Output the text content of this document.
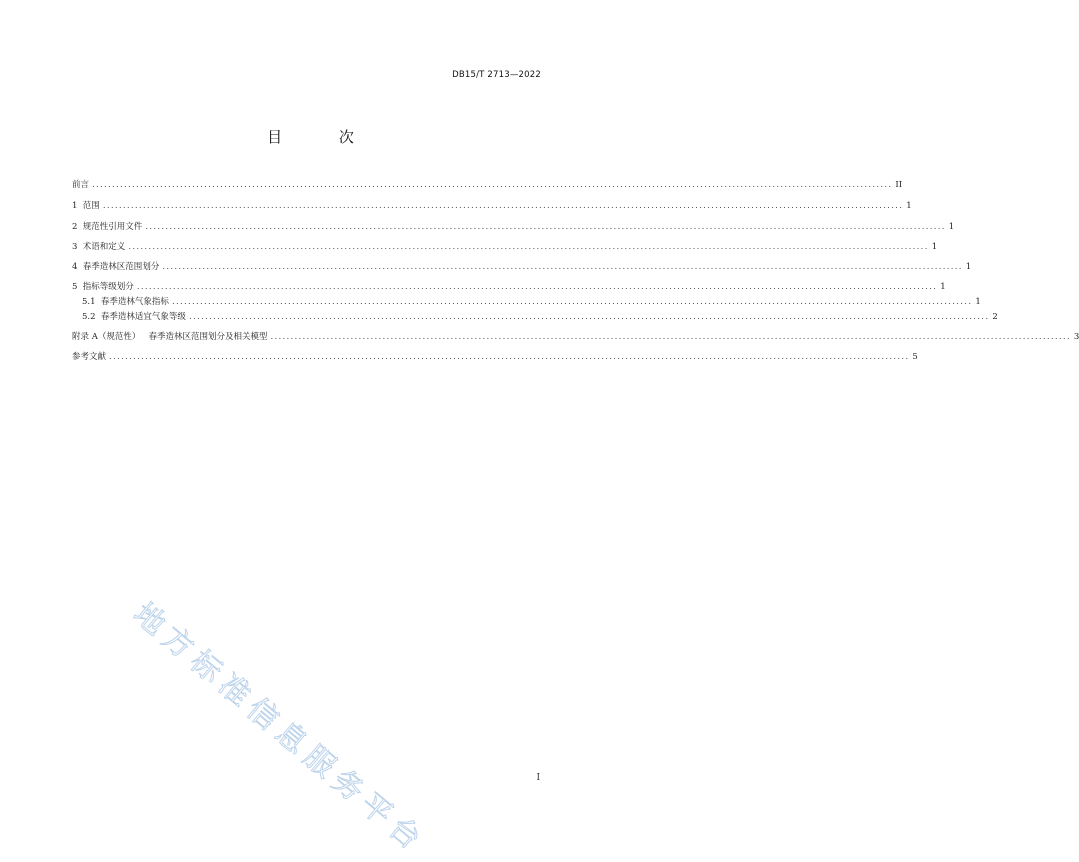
DB15/T 2713—2022
目 次
前言 ........................................................................................................................................................................................................ II
1  范围 ........................................................................................................................................................................................................ 1
2  规范性引用文件 ........................................................................................................................................................................................................ 1
3  术语和定义 ........................................................................................................................................................................................................ 1
4  春季造林区范围划分 ........................................................................................................................................................................................................ 1
5  指标等级划分 ........................................................................................................................................................................................................ 1
5.1  春季造林气象指标 ........................................................................................................................................................................................................ 1
5.2  春季造林适宜气象等级 ........................................................................................................................................................................................................ 2
附录 A（规范性）   春季造林区范围划分及相关模型 ........................................................................................................................................................................................................ 3
参考文献 ........................................................................................................................................................................................................ 5
地方标准信息服务平台	I
